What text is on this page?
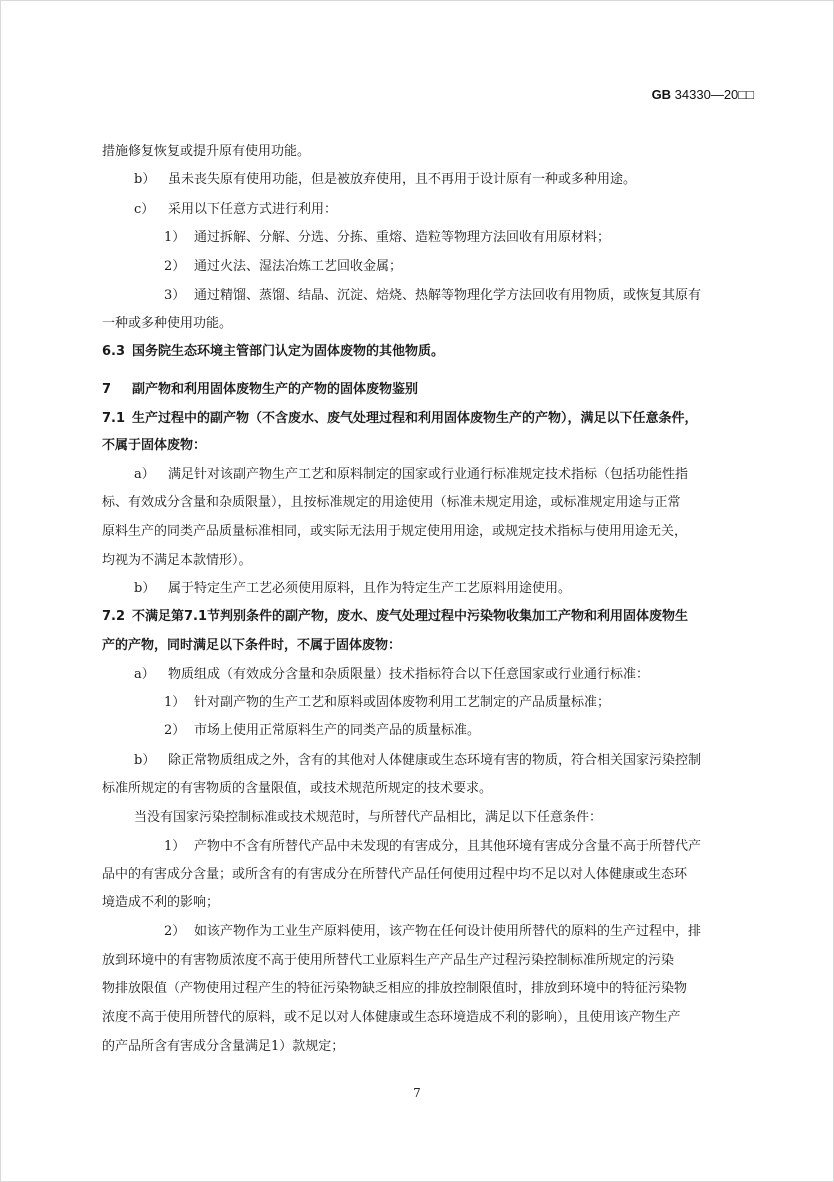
GB 34330—20□□
措施修复恢复或提升原有使用功能。
b） 虽未丧失原有使用功能，但是被放弃使用，且不再用于设计原有一种或多种用途。
c） 采用以下任意方式进行利用：
1） 通过拆解、分解、分选、分拣、重熔、造粒等物理方法回收有用原材料；
2） 通过火法、湿法冶炼工艺回收金属；
3） 通过精馏、蒸馏、结晶、沉淀、焙烧、热解等物理化学方法回收有用物质，或恢复其原有
一种或多种使用功能。
6.3 国务院生态环境主管部门认定为固体废物的其他物质。
7 副产物和利用固体废物生产的产物的固体废物鉴别
7.1 生产过程中的副产物（不含废水、废气处理过程和利用固体废物生产的产物），满足以下任意条件，
不属于固体废物：
a） 满足针对该副产物生产工艺和原料制定的国家或行业通行标准规定技术指标（包括功能性指
标、有效成分含量和杂质限量），且按标准规定的用途使用（标准未规定用途，或标准规定用途与正常
原料生产的同类产品质量标准相同，或实际无法用于规定使用用途，或规定技术指标与使用用途无关，
均视为不满足本款情形）。
b） 属于特定生产工艺必须使用原料，且作为特定生产工艺原料用途使用。
7.2 不满足第7.1节判别条件的副产物，废水、废气处理过程中污染物收集加工产物和利用固体废物生
产的产物，同时满足以下条件时，不属于固体废物：
a） 物质组成（有效成分含量和杂质限量）技术指标符合以下任意国家或行业通行标准：
1） 针对副产物的生产工艺和原料或固体废物利用工艺制定的产品质量标准；
2） 市场上使用正常原料生产的同类产品的质量标准。
b） 除正常物质组成之外，含有的其他对人体健康或生态环境有害的物质，符合相关国家污染控制
标准所规定的有害物质的含量限值，或技术规范所规定的技术要求。
当没有国家污染控制标准或技术规范时，与所替代产品相比，满足以下任意条件：
1） 产物中不含有所替代产品中未发现的有害成分，且其他环境有害成分含量不高于所替代产
品中的有害成分含量；或所含有的有害成分在所替代产品任何使用过程中均不足以对人体健康或生态环
境造成不利的影响；
2） 如该产物作为工业生产原料使用，该产物在任何设计使用所替代的原料的生产过程中，排
放到环境中的有害物质浓度不高于使用所替代工业原料生产产品生产过程污染控制标准所规定的污染
物排放限值（产物使用过程产生的特征污染物缺乏相应的排放控制限值时，排放到环境中的特征污染物
浓度不高于使用所替代的原料，或不足以对人体健康或生态环境造成不利的影响），且使用该产物生产
的产品所含有害成分含量满足1）款规定；
7
